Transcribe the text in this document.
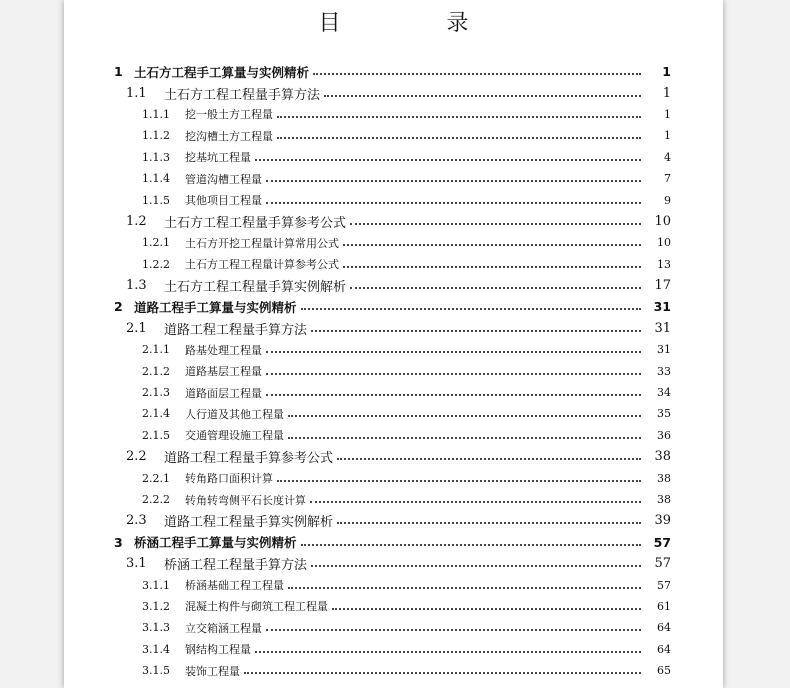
目　录
1 土石方工程手工算量与实例精析	1
1.1	土石方工程工程量手算方法	1
1.1.1	挖一般土方工程量	1
1.1.2	挖沟槽土方工程量	1
1.1.3	挖基坑工程量	4
1.1.4	管道沟槽工程量	7
1.1.5	其他项目工程量	9
1.2	土石方工程工程量手算参考公式	10
1.2.1	土石方开挖工程量计算常用公式	10
1.2.2	土石方工程工程量计算参考公式	13
1.3	土石方工程工程量手算实例解析	17
2 道路工程手工算量与实例精析	31
2.1	道路工程工程量手算方法	31
2.1.1	路基处理工程量	31
2.1.2	道路基层工程量	33
2.1.3	道路面层工程量	34
2.1.4	人行道及其他工程量	35
2.1.5	交通管理设施工程量	36
2.2	道路工程工程量手算参考公式	38
2.2.1	转角路口面积计算	38
2.2.2	转角转弯侧平石长度计算	38
2.3	道路工程工程量手算实例解析	39
3 桥涵工程手工算量与实例精析	57
3.1	桥涵工程工程量手算方法	57
3.1.1	桥涵基础工程工程量	57
3.1.2	混凝土构件与砌筑工程工程量	61
3.1.3	立交箱涵工程量	64
3.1.4	钢结构工程量	64
3.1.5	装饰工程量	65
